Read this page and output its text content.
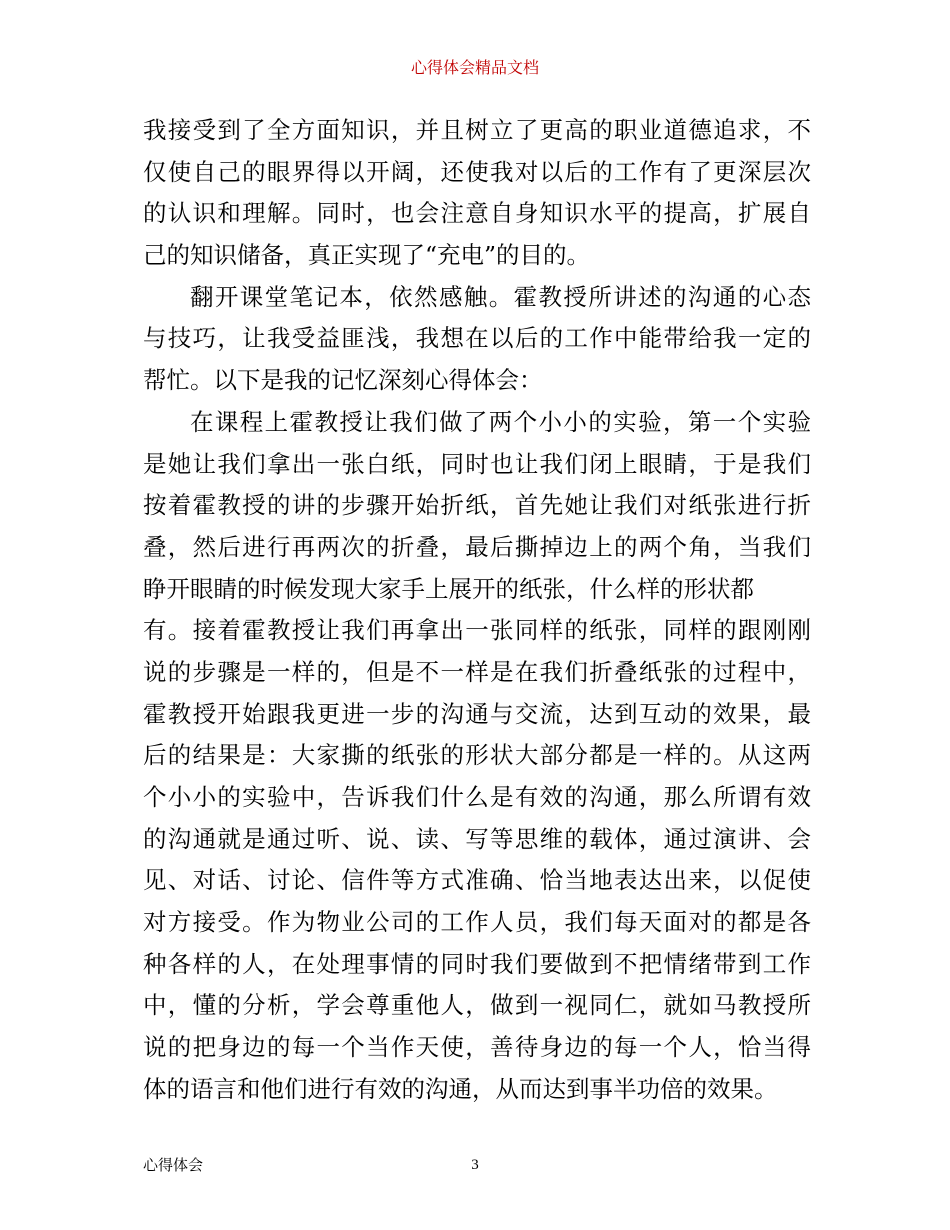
心得体会精品文档
我接受到了全方面知识，并且树立了更高的职业道德追求，不
仅使自己的眼界得以开阔，还使我对以后的工作有了更深层次
的认识和理解。同时，也会注意自身知识水平的提高，扩展自
己的知识储备，真正实现了“充电”的目的。
翻开课堂笔记本，依然感触。霍教授所讲述的沟通的心态
与技巧，让我受益匪浅，我想在以后的工作中能带给我一定的
帮忙。以下是我的记忆深刻心得体会：
在课程上霍教授让我们做了两个小小的实验，第一个实验
是她让我们拿出一张白纸，同时也让我们闭上眼睛，于是我们
按着霍教授的讲的步骤开始折纸，首先她让我们对纸张进行折
叠，然后进行再两次的折叠，最后撕掉边上的两个角，当我们
睁开眼睛的时候发现大家手上展开的纸张，什么样的形状都
有。接着霍教授让我们再拿出一张同样的纸张，同样的跟刚刚
说的步骤是一样的，但是不一样是在我们折叠纸张的过程中，
霍教授开始跟我更进一步的沟通与交流，达到互动的效果，最
后的结果是：大家撕的纸张的形状大部分都是一样的。从这两
个小小的实验中，告诉我们什么是有效的沟通，那么所谓有效
的沟通就是通过听、说、读、写等思维的载体，通过演讲、会
见、对话、讨论、信件等方式准确、恰当地表达出来，以促使
对方接受。作为物业公司的工作人员，我们每天面对的都是各
种各样的人，在处理事情的同时我们要做到不把情绪带到工作
中，懂的分析，学会尊重他人，做到一视同仁，就如马教授所
说的把身边的每一个当作天使，善待身边的每一个人，恰当得
体的语言和他们进行有效的沟通，从而达到事半功倍的效果。
心得体会	3
